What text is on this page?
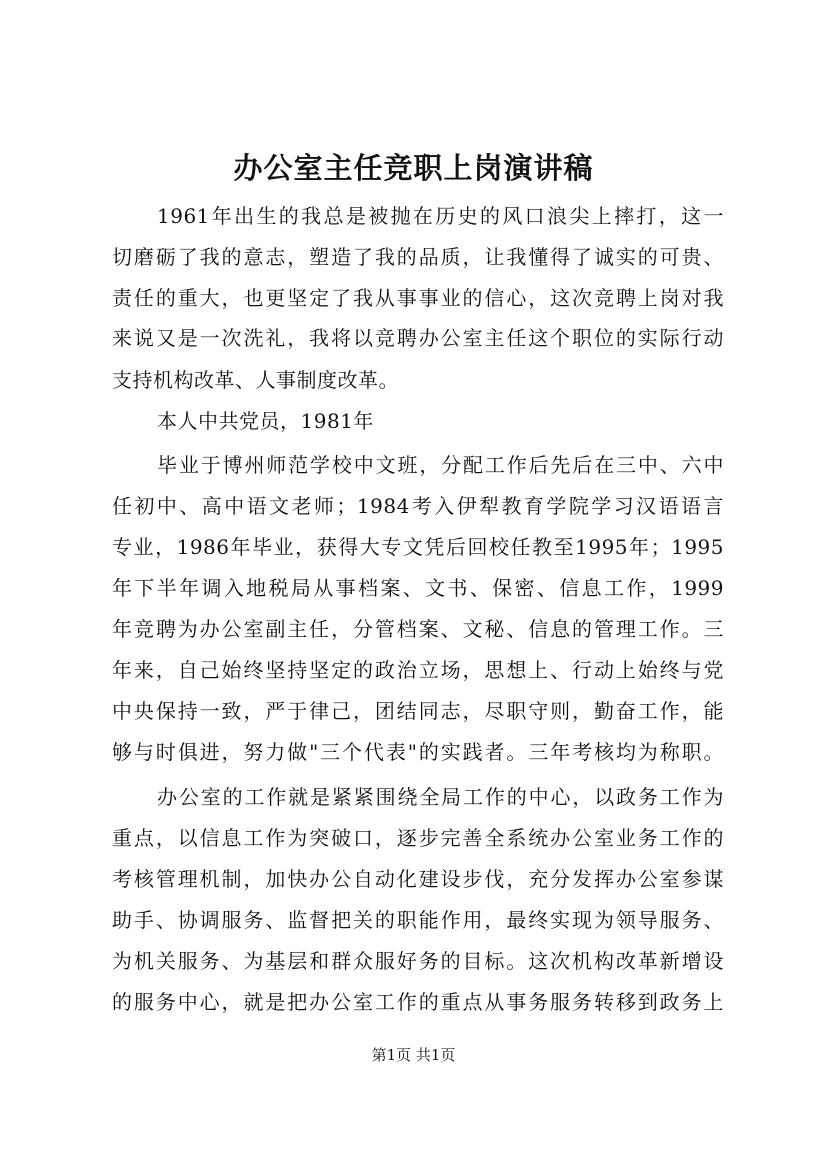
办公室主任竞职上岗演讲稿

1961年出生的我总是被抛在历史的风口浪尖上摔打，这一

切磨砺了我的意志，塑造了我的品质，让我懂得了诚实的可贵、

责任的重大，也更坚定了我从事事业的信心，这次竞聘上岗对我

来说又是一次洗礼，我将以竞聘办公室主任这个职位的实际行动

支持机构改革、人事制度改革。

本人中共党员，1981年

毕业于博州师范学校中文班，分配工作后先后在三中、六中

任初中、高中语文老师；1984考入伊犁教育学院学习汉语语言

专业，1986年毕业，获得大专文凭后回校任教至1995年；1995

年下半年调入地税局从事档案、文书、保密、信息工作，1999

年竞聘为办公室副主任，分管档案、文秘、信息的管理工作。三

年来，自己始终坚持坚定的政治立场，思想上、行动上始终与党

中央保持一致，严于律己，团结同志，尽职守则，勤奋工作，能

够与时俱进，努力做"三个代表"的实践者。三年考核均为称职。

办公室的工作就是紧紧围绕全局工作的中心，以政务工作为

重点，以信息工作为突破口，逐步完善全系统办公室业务工作的

考核管理机制，加快办公自动化建设步伐，充分发挥办公室参谋

助手、协调服务、监督把关的职能作用，最终实现为领导服务、

为机关服务、为基层和群众服好务的目标。这次机构改革新增设

的服务中心，就是把办公室工作的重点从事务服务转移到政务上

第1页 共1页
